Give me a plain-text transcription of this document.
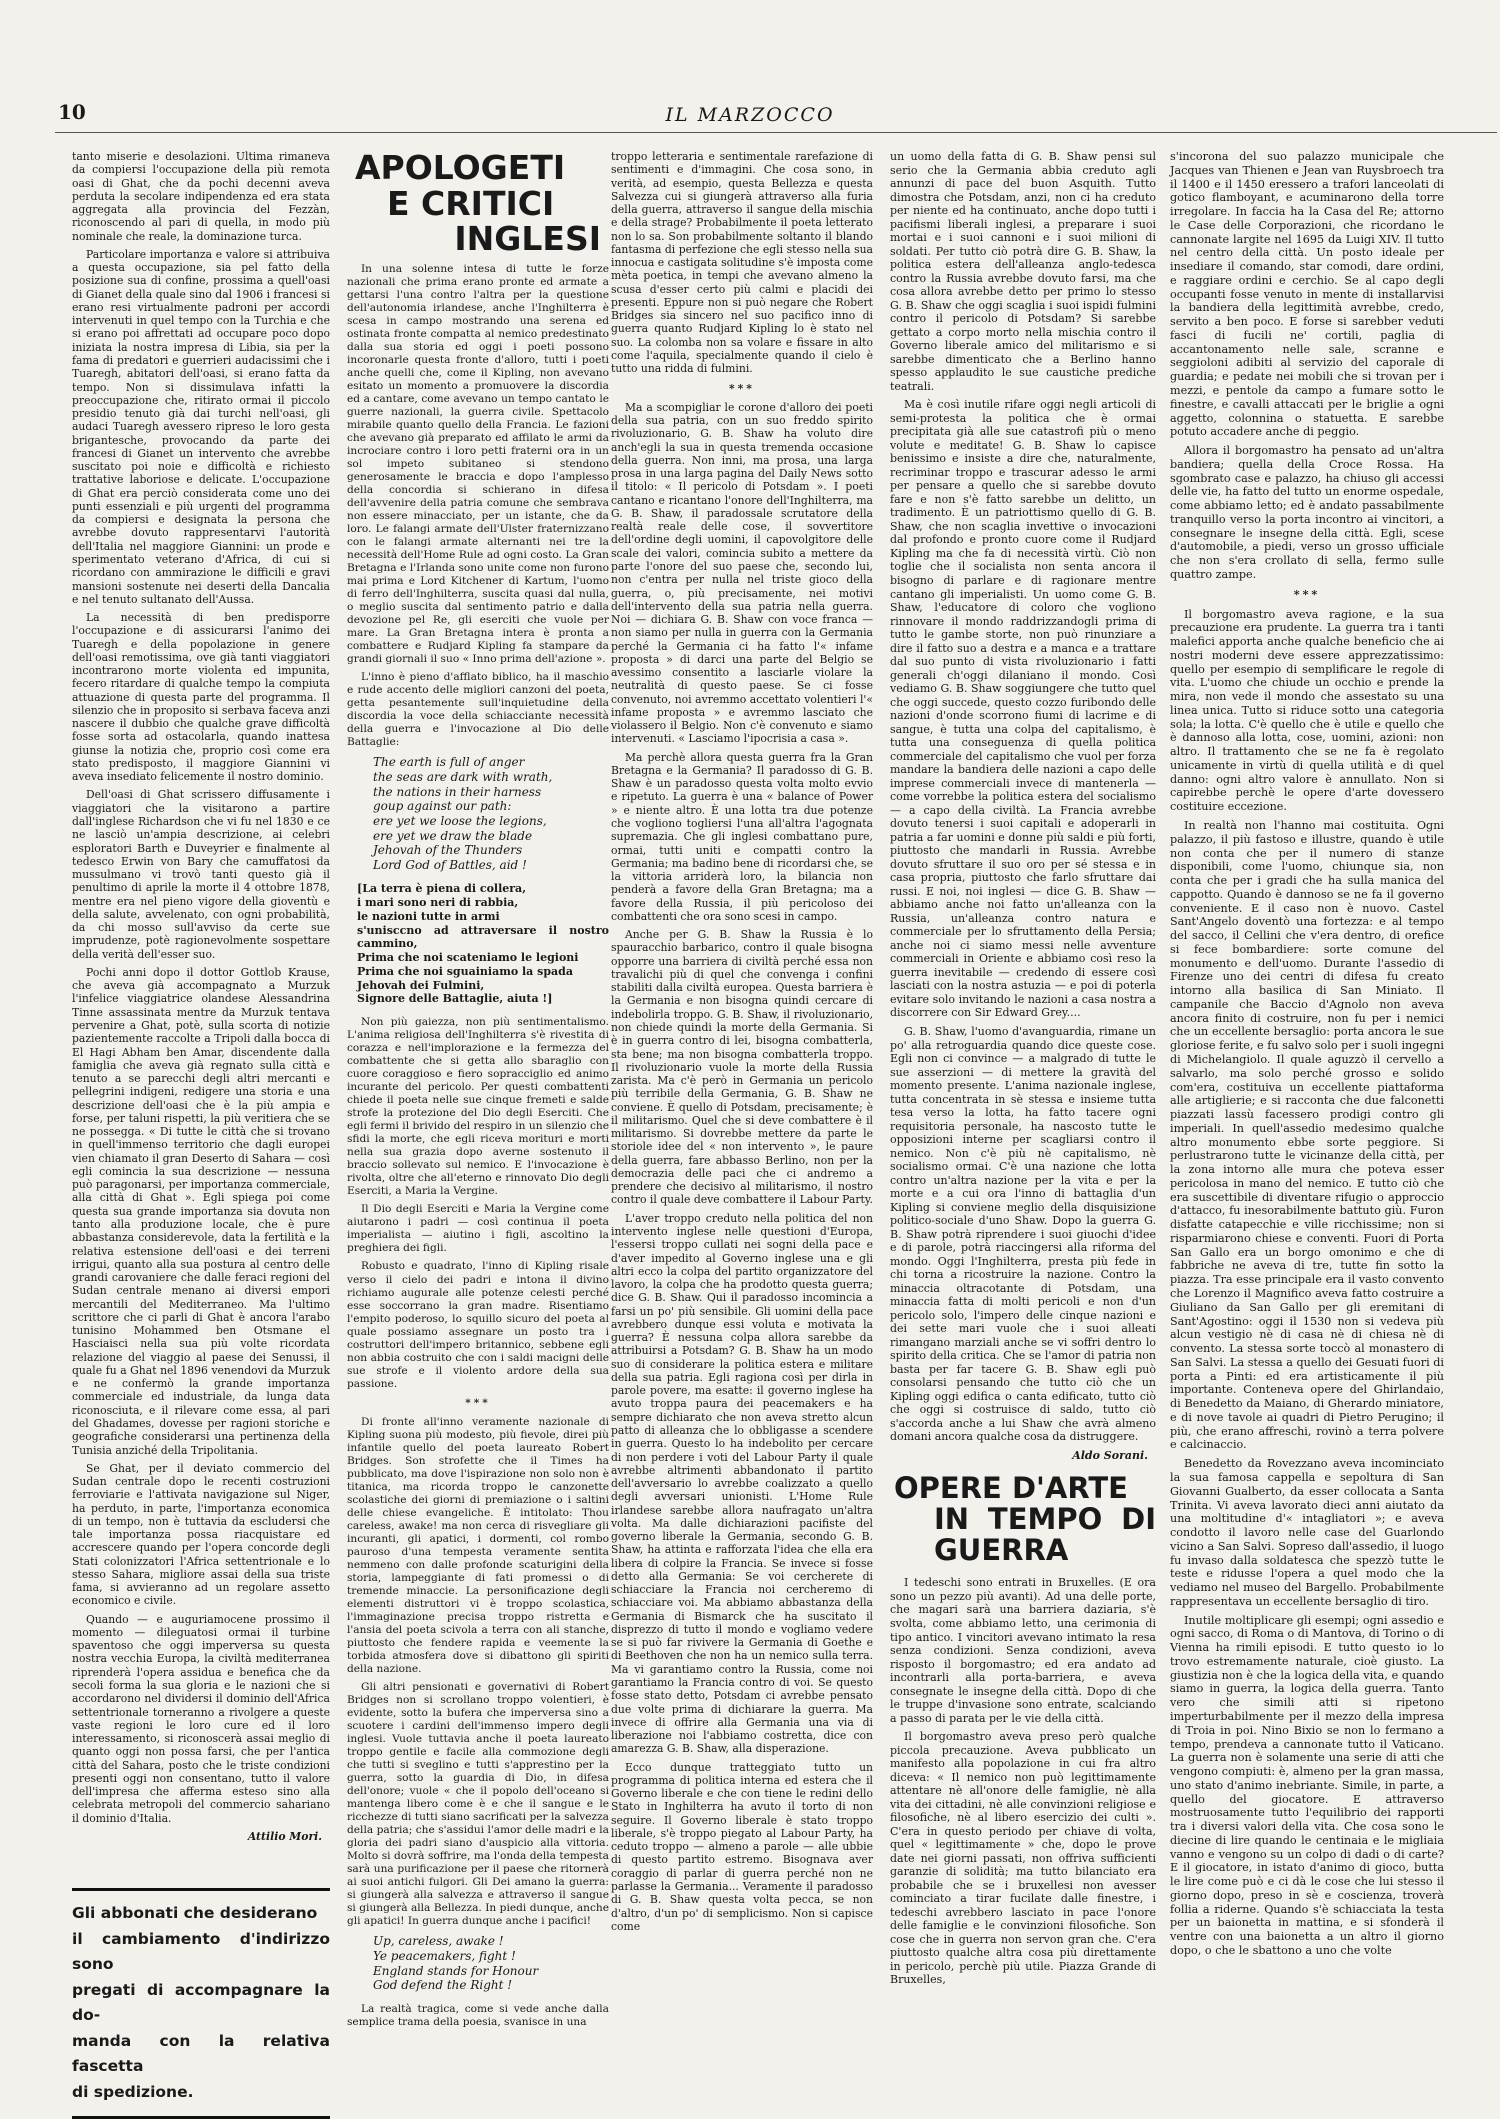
10	IL MARZOCCO

tanto miserie e desolazioni. Ultima rimaneva da compiersi l'occupazione della più remota oasi di Ghat, che da pochi decenni aveva perduta la secolare indipendenza ed era stata aggregata alla provincia del Fezzàn, riconoscendo al pari di quella, in modo più nominale che reale, la dominazione turca.

Particolare importanza e valore si attribuiva a questa occupazione, sia pel fatto della posizione sua di confine, prossima a quell'oasi di Gianet della quale sino dal 1906 i francesi si erano resi virtualmente padroni per accordi intervenuti in quel tempo con la Turchia e che si erano poi affrettati ad occupare poco dopo iniziata la nostra impresa di Libia, sia per la fama di predatori e guerrieri audacissimi che i Tuaregh, abitatori dell'oasi, si erano fatta da tempo. Non si dissimulava infatti la preoccupazione che, ritirato ormai il piccolo presidio tenuto già dai turchi nell'oasi, gli audaci Tuaregh avessero ripreso le loro gesta brigantesche, provocando da parte dei francesi di Gianet un intervento che avrebbe suscitato poi noie e difficoltà e richiesto trattative laboriose e delicate. L'occupazione di Ghat era perciò considerata come uno dei punti essenziali e più urgenti del programma da compiersi e designata la persona che avrebbe dovuto rappresentarvi l'autorità dell'Italia nel maggiore Giannini: un prode e sperimentato veterano d'Africa, di cui si ricordano con ammirazione le difficili e gravi mansioni sostenute nei deserti della Dancalia e nel tenuto sultanato dell'Aussa.

La necessità di ben predisporre l'occupazione e di assicurarsi l'animo dei Tuaregh e della popolazione in genere dell'oasi remotissima, ove già tanti viaggiatori incontrarono morte violenta ed impunita, fecero ritardare di qualche tempo la compiuta attuazione di questa parte del programma. Il silenzio che in proposito si serbava faceva anzi nascere il dubbio che qualche grave difficoltà fosse sorta ad ostacolarla, quando inattesa giunse la notizia che, proprio così come era stato predisposto, il maggiore Giannini vi aveva insediato felicemente il nostro dominio.

Dell'oasi di Ghat scrissero diffusamente i viaggiatori che la visitarono a partire dall'inglese Richardson che vi fu nel 1830 e ce ne lasciò un'ampia descrizione, ai celebri esploratori Barth e Duveyrier e finalmente al tedesco Erwin von Bary che camuffatosi da mussulmano vi trovò tanti questo già il penultimo di aprile la morte il 4 ottobre 1878, mentre era nel pieno vigore della gioventù e della salute, avvelenato, con ogni probabilità, da chi mosso sull'avviso da certe sue imprudenze, potè ragionevolmente sospettare della verità dell'esser suo.

Pochi anni dopo il dottor Gottlob Krause, che aveva già accompagnato a Murzuk l'infelice viaggiatrice olandese Alessandrina Tinne assassinata mentre da Murzuk tentava pervenire a Ghat, potè, sulla scorta di notizie pazientemente raccolte a Tripoli dalla bocca di El Hagi Abham ben Amar, discendente dalla famiglia che aveva già regnato sulla città e tenuto a se parecchi degli altri mercanti e pellegrini indigeni, redigere una storia e una descrizione dell'oasi che è la più ampia e forse, per taluni rispetti, la più veritiera che se ne possegga. « Di tutte le città che si trovano in quell'immenso territorio che dagli europei vien chiamato il gran Deserto di Sahara — così egli comincia la sua descrizione — nessuna può paragonarsi, per importanza commerciale, alla città di Ghat ». Egli spiega poi come questa sua grande importanza sia dovuta non tanto alla produzione locale, che è pure abbastanza considerevole, data la fertilità e la relativa estensione dell'oasi e dei terreni irrigui, quanto alla sua postura al centro delle grandi carovaniere che dalle feraci regioni del Sudan centrale menano ai diversi empori mercantili del Mediterraneo. Ma l'ultimo scrittore che ci parli di Ghat è ancora l'arabo tunisino Mohammed ben Otsmane el Hasciaisci nella sua più volte ricordata relazione del viaggio al paese dei Senussi, il quale fu a Ghat nel 1896 venendovi da Murzuk e ne confermò la grande importanza commerciale ed industriale, da lunga data riconosciuta, e il rilevare come essa, al pari del Ghadames, dovesse per ragioni storiche e geografiche considerarsi una pertinenza della Tunisia anziché della Tripolitania.

Se Ghat, per il deviato commercio del Sudan centrale dopo le recenti costruzioni ferroviarie e l'attivata navigazione sul Niger, ha perduto, in parte, l'importanza economica di un tempo, non è tuttavia da escludersi che tale importanza possa riacquistare ed accrescere quando per l'opera concorde degli Stati colonizzatori l'Africa settentrionale e lo stesso Sahara, migliore assai della sua triste fama, si avvieranno ad un regolare assetto economico e civile.

Quando — e auguriamocene prossimo il momento — dileguatosi ormai il turbine spaventoso che oggi imperversa su questa nostra vecchia Europa, la civiltà mediterranea riprenderà l'opera assidua e benefica che da secoli forma la sua gloria e le nazioni che si accordarono nel dividersi il dominio dell'Africa settentrionale torneranno a rivolgere a queste vaste regioni le loro cure ed il loro interessamento, si riconoscerà assai meglio di quanto oggi non possa farsi, che per l'antica città del Sahara, posto che le triste condizioni presenti oggi non consentano, tutto il valore dell'impresa che afferma esteso sino alla celebrata metropoli del commercio sahariano il dominio d'Italia.

Attilio Mori.
Gli abbonati che desiderano
il cambiamento d'indirizzo sono
pregati di accompagnare la do-
manda con la relativa fascetta
di spedizione.
APOLOGETI
E CRITICI
INGLESI

In una solenne intesa di tutte le forze nazionali che prima erano pronte ed armate a gettarsi l'una contro l'altra per la questione dell'autonomia irlandese, anche l'Inghilterra è scesa in campo mostrando una serena ed ostinata fronte compatta al nemico predestinato dalla sua storia ed oggi i poeti possono incoronarle questa fronte d'alloro, tutti i poeti anche quelli che, come il Kipling, non avevano esitato un momento a promuovere la discordia ed a cantare, come avevano un tempo cantato le guerre nazionali, la guerra civile. Spettacolo mirabile quanto quello della Francia. Le fazioni che avevano già preparato ed affilato le armi da incrociare contro i loro petti fraterni ora in un sol impeto subitaneo si stendono generosamente le braccia e dopo l'amplesso della concordia si schierano in difesa dell'avvenire della patria comune che sembrava non essere minacciato, per un istante, che da loro. Le falangi armate dell'Ulster fraternizzano con le falangi armate alternanti nei tre la necessità dell'Home Rule ad ogni costo. La Gran Bretagna e l'Irlanda sono unite come non furono mai prima e Lord Kitchener di Kartum, l'uomo di ferro dell'Inghilterra, suscita quasi dal nulla, o meglio suscita dal sentimento patrio e dalla devozione pel Re, gli eserciti che vuole per mare. La Gran Bretagna intera è pronta a combattere e Rudjard Kipling fa stampare da grandi giornali il suo « Inno prima dell'azione ».

L'inno è pieno d'afflato biblico, ha il maschio e rude accento delle migliori canzoni del poeta, getta pesantemente sull'inquietudine della discordia la voce della schiacciante necessità della guerra e l'invocazione al Dio delle Battaglie:

The earth is full of anger
the seas are dark with wrath,
the nations in their harness
goup against our path:
ere yet we loose the legions,
ere yet we draw the blade
Jehovah of the Thunders
Lord God of Battles, aid !
[La terra è piena di collera,
i mari sono neri di rabbia,
le nazioni tutte in armi
s'unisccno ad attraversare il nostro cammino,
Prima che noi scateniamo le legioni
Prima che noi sguainiamo la spada
Jehovah dei Fulmini,
Signore delle Battaglie, aiuta !]

Non più gaiezza, non più sentimentalismo. L'anima religiosa dell'Inghilterra s'è rivestita di corazza e nell'implorazione e la fermezza del combattente che si getta allo sbaraglio con cuore coraggioso e fiero sopracciglio ed animo incurante del pericolo. Per questi combattenti chiede il poeta nelle sue cinque fremeti e salde strofe la protezione del Dio degli Eserciti. Che egli fermi il brivido del respiro in un silenzio che sfidi la morte, che egli riceva morituri e morti nella sua grazia dopo averne sostenuto il braccio sollevato sul nemico. E l'invocazione è rivolta, oltre che all'eterno e rinnovato Dio degli Eserciti, a Maria la Vergine.

Il Dio degli Eserciti e Maria la Vergine come aiutarono i padri — così continua il poeta imperialista — aiutino i figli, ascoltino la preghiera dei figli.

Robusto e quadrato, l'inno di Kipling risale verso il cielo dei padri e intona il divino richiamo augurale alle potenze celesti perché esse soccorrano la gran madre. Risentiamo l'empito poderoso, lo squillo sicuro del poeta al quale possiamo assegnare un posto tra i costruttori dell'impero britannico, sebbene egli non abbia costruito che con i saldi macigni delle sue strofe e il violento ardore della sua passione.

***

Di fronte all'inno veramente nazionale di Kipling suona più modesto, più fievole, direi più infantile quello del poeta laureato Robert Bridges. Son strofette che il Times ha pubblicato, ma dove l'ispirazione non solo non è titanica, ma ricorda troppo le canzonette scolastiche dei giorni di premiazione o i saltini delle chiese evangeliche. È intitolato: Thou careless, awake! ma non cerca di risvegliare gli incuranti, gli apatici, i dormenti, col rombo pauroso d'una tempesta veramente sentita nemmeno con dalle profonde scaturigini della storia, lampeggiante di fati promessi o di tremende minaccie. La personificazione degli elementi distruttori vi è troppo scolastica, l'immaginazione precisa troppo ristretta e l'ansia del poeta scivola a terra con ali stanche, piuttosto che fendere rapida e veemente la torbida atmosfera dove si dibattono gli spiriti della nazione.

Gli altri pensionati e governativi di Robert Bridges non si scrollano troppo volentieri, è evidente, sotto la bufera che imperversa sino a scuotere i cardini dell'immenso impero degli inglesi. Vuole tuttavia anche il poeta laureato troppo gentile e facile alla commozione degli che tutti si sveglino e tutti s'apprestino per la guerra, sotto la guardia di Dio, in difesa dell'onore; vuole « che il popolo dell'oceano si mantenga libero come è e che il sangue e le ricchezze di tutti siano sacrificati per la salvezza della patria; che s'assidui l'amor delle madri e la gloria dei padri siano d'auspicio alla vittoria. Molto si dovrà soffrire, ma l'onda della tempesta sarà una purificazione per il paese che ritornerà ai suoi antichi fulgori. Gli Dei amano la guerra: si giungerà alla salvezza e attraverso il sangue si giungerà alla Bellezza. In piedi dunque, anche gli apatici! In guerra dunque anche i pacifici!

Up, careless, awake !
Ye peacemakers, fight !
England stands for Honour
God defend the Right !

La realtà tragica, come si vede anche dalla semplice trama della poesia, svanisce in una

troppo letteraria e sentimentale rarefazione di sentimenti e d'immagini. Che cosa sono, in verità, ad esempio, questa Bellezza e questa Salvezza cui si giungerà attraverso alla furia della guerra, attraverso il sangue della mischia e della strage? Probabilmente il poeta letterato non lo sa. Son probabilmente soltanto il blando fantasma di perfezione che egli stesso nella sua innocua e castigata solitudine s'è imposta come mèta poetica, in tempi che avevano almeno la scusa d'esser certo più calmi e placidi dei presenti. Eppure non si può negare che Robert Bridges sia sincero nel suo pacifico inno di guerra quanto Rudjard Kipling lo è stato nel suo. La colomba non sa volare e fissare in alto come l'aquila, specialmente quando il cielo è tutto una ridda di fulmini.

***

Ma a scompigliar le corone d'alloro dei poeti della sua patria, con un suo freddo spirito rivoluzionario, G. B. Shaw ha voluto dire anch'egli la sua in questa tremenda occasione della guerra. Non inni, ma prosa, una larga prosa in una larga pagina del Daily News sotto il titolo: « Il pericolo di Potsdam ». I poeti cantano e ricantano l'onore dell'Inghilterra, ma G. B. Shaw, il paradossale scrutatore della realtà reale delle cose, il sovvertitore dell'ordine degli uomini, il capovolgitore delle scale dei valori, comincia subito a mettere da parte l'onore del suo paese che, secondo lui, non c'entra per nulla nel triste gioco della guerra, o, più precisamente, nei motivi dell'intervento della sua patria nella guerra. Noi — dichiara G. B. Shaw con voce franca — non siamo per nulla in guerra con la Germania perché la Germania ci ha fatto l'« infame proposta » di darci una parte del Belgio se avessimo consentito a lasciarle violare la neutralità di questo paese. Se ci fosse convenuto, noi avremmo accettato volentieri l'« infame proposta » e avremmo lasciato che violassero il Belgio. Non c'è convenuto e siamo intervenuti. « Lasciamo l'ipocrisia a casa ».

Ma perchè allora questa guerra fra la Gran Bretagna e la Germania? Il paradosso di G. B. Shaw è un paradosso questa volta molto evvio e ripetuto. La guerra è una « balance of Power » e niente altro. È una lotta tra due potenze che vogliono togliersi l'una all'altra l'agognata supremazia. Che gli inglesi combattano pure, ormai, tutti uniti e compatti contro la Germania; ma badino bene di ricordarsi che, se la vittoria arriderà loro, la bilancia non penderà a favore della Gran Bretagna; ma a favore della Russia, il più pericoloso dei combattenti che ora sono scesi in campo.

Anche per G. B. Shaw la Russia è lo spauracchio barbarico, contro il quale bisogna opporre una barriera di civiltà perché essa non travalichi più di quel che convenga i confini stabiliti dalla civiltà europea. Questa barriera è la Germania e non bisogna quindi cercare di indebolirla troppo. G. B. Shaw, il rivoluzionario, non chiede quindi la morte della Germania. Si è in guerra contro di lei, bisogna combatterla, sta bene; ma non bisogna combatterla troppo. Il rivoluzionario vuole la morte della Russia zarista. Ma c'è però in Germania un pericolo più terribile della Germania, G. B. Shaw ne conviene. È quello di Potsdam, precisamente; è il militarismo. Quel che si deve combattere è il militarismo. Si dovrebbe mettere da parte le storiole idee del « non intervento », le paure della guerra, fare abbasso Berlino, non per la democrazia delle paci che ci andremo a prendere che decisivo al militarismo, il nostro contro il quale deve combattere il Labour Party.

L'aver troppo creduto nella politica del non intervento inglese nelle questioni d'Europa, l'essersi troppo cullati nei sogni della pace e d'aver impedito al Governo inglese una e gli altri ecco la colpa del partito organizzatore del lavoro, la colpa che ha prodotto questa guerra; dice G. B. Shaw. Qui il paradosso incomincia a farsi un po' più sensibile. Gli uomini della pace avrebbero dunque essi voluta e motivata la guerra? È nessuna colpa allora sarebbe da attribuirsi a Potsdam? G. B. Shaw ha un modo suo di considerare la politica estera e militare della sua patria. Egli ragiona così per dirla in parole povere, ma esatte: il governo inglese ha avuto troppa paura dei peacemakers e ha sempre dichiarato che non aveva stretto alcun patto di alleanza che lo obbligasse a scendere in guerra. Questo lo ha indebolito per cercare di non perdere i voti del Labour Party il quale avrebbe altrimenti abbandonato il partito dell'avversario lo avrebbe coalizzato a quello degli avversari unionisti. L'Home Rule irlandese sarebbe allora naufragato un'altra volta. Ma dalle dichiarazioni pacifiste del governo liberale la Germania, secondo G. B. Shaw, ha attinta e rafforzata l'idea che ella era libera di colpire la Francia. Se invece si fosse detto alla Germania: Se voi cercherete di schiacciare la Francia noi cercheremo di schiacciare voi. Ma abbiamo abbastanza della Germania di Bismarck che ha suscitato il disprezzo di tutto il mondo e vogliamo vedere se si può far rivivere la Germania di Goethe e di Beethoven che non ha un nemico sulla terra. Ma vi garantiamo contro la Russia, come noi garantiamo la Francia contro di voi. Se questo fosse stato detto, Potsdam ci avrebbe pensato due volte prima di dichiarare la guerra. Ma invece di offrire alla Germania una via di liberazione noi l'abbiamo costretta, dice con amarezza G. B. Shaw, alla disperazione.

Ecco dunque tratteggiato tutto un programma di politica interna ed estera che il Governo liberale e che con tiene le redini dello Stato in Inghilterra ha avuto il torto di non seguire. Il Governo liberale è stato troppo liberale, s'è troppo piegato al Labour Party, ha ceduto troppo — almeno a parole — alle ubbie di questo partito estremo. Bisognava aver coraggio di parlar di guerra perché non ne parlasse la Germania... Veramente il paradosso di G. B. Shaw questa volta pecca, se non d'altro, d'un po' di semplicismo. Non si capisce come

un uomo della fatta di G. B. Shaw pensi sul serio che la Germania abbia creduto agli annunzi di pace del buon Asquith. Tutto dimostra che Potsdam, anzi, non ci ha creduto per niente ed ha continuato, anche dopo tutti i pacifismi liberali inglesi, a preparare i suoi mortai e i suoi cannoni e i suoi milioni di soldati. Per tutto ciò potrà dire G. B. Shaw, la politica estera dell'alleanza anglo-tedesca contro la Russia avrebbe dovuto farsi, ma che cosa allora avrebbe detto per primo lo stesso G. B. Shaw che oggi scaglia i suoi ispidi fulmini contro il pericolo di Potsdam? Si sarebbe gettato a corpo morto nella mischia contro il Governo liberale amico del militarismo e si sarebbe dimenticato che a Berlino hanno spesso applaudito le sue caustiche prediche teatrali.

Ma è così inutile rifare oggi negli articoli di semi-protesta la politica che è ormai precipitata già alle sue catastrofi più o meno volute e meditate! G. B. Shaw lo capisce benissimo e insiste a dire che, naturalmente, recriminar troppo e trascurar adesso le armi per pensare a quello che si sarebbe dovuto fare e non s'è fatto sarebbe un delitto, un tradimento. È un patriottismo quello di G. B. Shaw, che non scaglia invettive o invocazioni dal profondo e pronto cuore come il Rudjard Kipling ma che fa di necessità virtù. Ciò non toglie che il socialista non senta ancora il bisogno di parlare e di ragionare mentre cantano gli imperialisti. Un uomo come G. B. Shaw, l'educatore di coloro che vogliono rinnovare il mondo raddrizzandogli prima di tutto le gambe storte, non può rinunziare a dire il fatto suo a destra e a manca e a trattare dal suo punto di vista rivoluzionario i fatti generali ch'oggi dilaniano il mondo. Così vediamo G. B. Shaw soggiungere che tutto quel che oggi succede, questo cozzo furibondo delle nazioni d'onde scorrono fiumi di lacrime e di sangue, è tutta una colpa del capitalismo, è tutta una conseguenza di quella politica commerciale del capitalismo che vuol per forza mandare la bandiera delle nazioni a capo delle imprese commerciali invece di mantenerla — come vorrebbe la politica estera del socialismo — a capo della civiltà. La Francia avrebbe dovuto tenersi i suoi capitali e adoperarli in patria a far uomini e donne più saldi e più forti, piuttosto che mandarli in Russia. Avrebbe dovuto sfruttare il suo oro per sé stessa e in casa propria, piuttosto che farlo sfruttare dai russi. E noi, noi inglesi — dice G. B. Shaw — abbiamo anche noi fatto un'alleanza con la Russia, un'alleanza contro natura e commerciale per lo sfruttamento della Persia; anche noi ci siamo messi nelle avventure commerciali in Oriente e abbiamo così reso la guerra inevitabile — credendo di essere così lasciati con la nostra astuzia — e poi di poterla evitare solo invitando le nazioni a casa nostra a discorrere con Sir Edward Grey....

G. B. Shaw, l'uomo d'avanguardia, rimane un po' alla retroguardia quando dice queste cose. Egli non ci convince — a malgrado di tutte le sue asserzioni — di mettere la gravità del momento presente. L'anima nazionale inglese, tutta concentrata in sè stessa e insieme tutta tesa verso la lotta, ha fatto tacere ogni requisitoria personale, ha nascosto tutte le opposizioni interne per scagliarsi contro il nemico. Non c'è più nè capitalismo, nè socialismo ormai. C'è una nazione che lotta contro un'altra nazione per la vita e per la morte e a cui ora l'inno di battaglia d'un Kipling si conviene meglio della disquisizione politico-sociale d'uno Shaw. Dopo la guerra G. B. Shaw potrà riprendere i suoi giuochi d'idee e di parole, potrà riaccingersi alla riforma del mondo. Oggi l'Inghilterra, presta più fede in chi torna a ricostruire la nazione. Contro la minaccia oltracotante di Potsdam, una minaccia fatta di molti pericoli e non d'un pericolo solo, l'impero delle cinque nazioni e dei sette mari vuole che i suoi alleati rimangano marziali anche se vi soffri dentro lo spirito della critica. Che se l'amor di patria non basta per far tacere G. B. Shaw egli può consolarsi pensando che tutto ciò che un Kipling oggi edifica o canta edificato, tutto ciò che oggi si costruisce di saldo, tutto ciò s'accorda anche a lui Shaw che avrà almeno domani ancora qualche cosa da distruggere.

Aldo Sorani.
OPERE D'ARTE
IN TEMPO DI GUERRA

I tedeschi sono entrati in Bruxelles. (E ora sono un pezzo più avanti). Ad una delle porte, che magari sarà una barriera daziaria, s'è svolta, come abbiamo letto, una cerimonia di tipo antico. I vincitori avevano intimato la resa senza condizioni. Senza condizioni, aveva risposto il borgomastro; ed era andato ad incontrarli alla porta-barriera, e aveva consegnate le insegne della città. Dopo di che le truppe d'invasione sono entrate, scalciando a passo di parata per le vie della città.

Il borgomastro aveva preso però qualche piccola precauzione. Aveva pubblicato un manifesto alla popolazione in cui fra altro diceva: « Il nemico non può legittimamente attentare nè all'onore delle famiglie, nè alla vita dei cittadini, nè alle convinzioni religiose e filosofiche, nè al libero esercizio dei culti ». C'era in questo periodo per chiave di volta, quel « legittimamente » che, dopo le prove date nei giorni passati, non offriva sufficienti garanzie di solidità; ma tutto bilanciato era probabile che se i bruxellesi non avesser cominciato a tirar fucilate dalle finestre, i tedeschi avrebbero lasciato in pace l'onore delle famiglie e le convinzioni filosofiche. Son cose che in guerra non servon gran che. C'era piuttosto qualche altra cosa più direttamente in pericolo, perchè più utile. Piazza Grande di Bruxelles,

s'incorona del suo palazzo municipale che Jacques van Thienen e Jean van Ruysbroech tra il 1400 e il 1450 eressero a trafori lanceolati di gotico flamboyant, e acuminarono della torre irregolare. In faccia ha la Casa del Re; attorno le Case delle Corporazioni, che ricordano le cannonate largite nel 1695 da Luigi XIV. Il tutto nel centro della città. Un posto ideale per insediare il comando, star comodi, dare ordini, e raggiare ordini e cerchio. Se al capo degli occupanti fosse venuto in mente di installarvisi la bandiera della legittimità avrebbe, credo, servito a ben poco. E forse si sarebber veduti fasci di fucili ne' cortili, paglia di accantonamento nelle sale, scranne e seggioloni adibiti al servizio del caporale di guardia; e pedate nei mobili che si trovan per i mezzi, e pentole da campo a fumare sotto le finestre, e cavalli attaccati per le briglie a ogni aggetto, colonnina o statuetta. E sarebbe potuto accadere anche di peggio.

Allora il borgomastro ha pensato ad un'altra bandiera; quella della Croce Rossa. Ha sgombrato case e palazzo, ha chiuso gli accessi delle vie, ha fatto del tutto un enorme ospedale, come abbiamo letto; ed è andato passabilmente tranquillo verso la porta incontro ai vincitori, a consegnare le insegne della città. Egli, scese d'automobile, a piedi, verso un grosso ufficiale che non s'era crollato di sella, fermo sulle quattro zampe.

***

Il borgomastro aveva ragione, e la sua precauzione era prudente. La guerra tra i tanti malefici apporta anche qualche beneficio che ai nostri moderni deve essere apprezzatissimo: quello per esempio di semplificare le regole di vita. L'uomo che chiude un occhio e prende la mira, non vede il mondo che assestato su una linea unica. Tutto si riduce sotto una categoria sola; la lotta. C'è quello che è utile e quello che è dannoso alla lotta, cose, uomini, azioni: non altro. Il trattamento che se ne fa è regolato unicamente in virtù di quella utilità e di quel danno: ogni altro valore è annullato. Non si capirebbe perchè le opere d'arte dovessero costituire eccezione.

In realtà non l'hanno mai costituita. Ogni palazzo, il più fastoso e illustre, quando è utile non conta che per il numero di stanze disponibili, come l'uomo, chiunque sia, non conta che per i gradi che ha sulla manica del cappotto. Quando è dannoso se ne fa il governo conveniente. E il caso non è nuovo. Castel Sant'Angelo doventò una fortezza: e al tempo del sacco, il Cellini che v'era dentro, di orefice si fece bombardiere: sorte comune del monumento e dell'uomo. Durante l'assedio di Firenze uno dei centri di difesa fu creato intorno alla basilica di San Miniato. Il campanile che Baccio d'Agnolo non aveva ancora finito di costruire, non fu per i nemici che un eccellente bersaglio: porta ancora le sue gloriose ferite, e fu salvo solo per i suoli ingegni di Michelangiolo. Il quale aguzzò il cervello a salvarlo, ma solo perché grosso e solido com'era, costituiva un eccellente piattaforma alle artiglierie; e si racconta che due falconetti piazzati lassù facessero prodigi contro gli imperiali. In quell'assedio medesimo qualche altro monumento ebbe sorte peggiore. Si perlustrarono tutte le vicinanze della città, per la zona intorno alle mura che poteva esser pericolosa in mano del nemico. E tutto ciò che era suscettibile di diventare rifugio o approccio d'attacco, fu inesorabilmente battuto giù. Furon disfatte catapecchie e ville ricchissime; non si risparmiarono chiese e conventi. Fuori di Porta San Gallo era un borgo omonimo e che di fabbriche ne aveva di tre, tutte fin sotto la piazza. Tra esse principale era il vasto convento che Lorenzo il Magnifico aveva fatto costruire a Giuliano da San Gallo per gli eremitani di Sant'Agostino: oggi il 1530 non si vedeva più alcun vestigio nè di casa nè di chiesa nè di convento. La stessa sorte toccò al monastero di San Salvi. La stessa a quello dei Gesuati fuori di porta a Pinti: ed era artisticamente il più importante. Conteneva opere del Ghirlandaio, di Benedetto da Maiano, di Gherardo miniatore, e di nove tavole ai quadri di Pietro Perugino; il più, che erano affreschi, rovinò a terra polvere e calcinaccio.

Benedetto da Rovezzano aveva incominciato la sua famosa cappella e sepoltura di San Giovanni Gualberto, da esser collocata a Santa Trinita. Vi aveva lavorato dieci anni aiutato da una moltitudine d'« intagliatori »; e aveva condotto il lavoro nelle case del Guarlondo vicino a San Salvi. Sopreso dall'assedio, il luogo fu invaso dalla soldatesca che spezzò tutte le teste e ridusse l'opera a quel modo che la vediamo nel museo del Bargello. Probabilmente rappresentava un eccellente bersaglio di tiro.

Inutile moltiplicare gli esempi; ogni assedio e ogni sacco, di Roma o di Mantova, di Torino o di Vienna ha rimili episodi. E tutto questo io lo trovo estremamente naturale, cioè giusto. La giustizia non è che la logica della vita, e quando siamo in guerra, la logica della guerra. Tanto vero che simili atti si ripetono imperturbabilmente per il mezzo della impresa di Troia in poi. Nino Bixio se non lo fermano a tempo, prendeva a cannonate tutto il Vaticano. La guerra non è solamente una serie di atti che vengono compiuti: è, almeno per la gran massa, uno stato d'animo inebriante. Simile, in parte, a quello del giocatore. E attraverso mostruosamente tutto l'equilibrio dei rapporti tra i diversi valori della vita. Che cosa sono le diecine di lire quando le centinaia e le migliaia vanno e vengono su un colpo di dadi o di carte? E il giocatore, in istato d'animo di gioco, butta le lire come può e ci dà le cose che lui stesso il giorno dopo, preso in sè e coscienza, troverà follia a riderne. Quando s'è schiacciata la testa per un baionetta in mattina, e si sfonderà il ventre con una baionetta a un altro il giorno dopo, o che le sbattono a uno che volte
